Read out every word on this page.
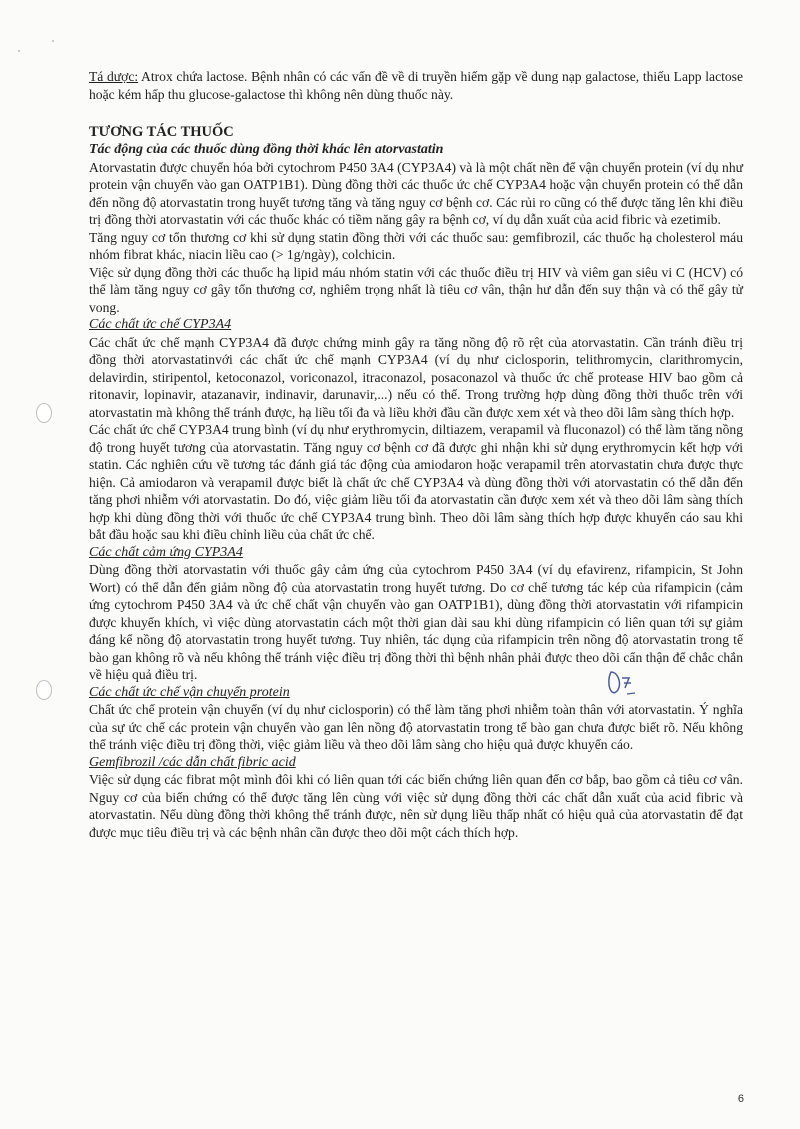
Tá dược: Atrox chứa lactose. Bệnh nhân có các vấn đề về di truyền hiếm gặp về dung nạp galactose, thiếu Lapp lactose hoặc kém hấp thu glucose-galactose thì không nên dùng thuốc này.

TƯƠNG TÁC THUỐC

Tác động của các thuốc dùng đồng thời khác lên atorvastatin

Atorvastatin được chuyển hóa bởi cytochrom P450 3A4 (CYP3A4) và là một chất nền để vận chuyển protein (ví dụ như protein vận chuyển vào gan OATP1B1). Dùng đồng thời các thuốc ức chế CYP3A4 hoặc vận chuyển protein có thể dẫn đến nồng độ atorvastatin trong huyết tương tăng và tăng nguy cơ bệnh cơ. Các rủi ro cũng có thể được tăng lên khi điều trị đồng thời atorvastatin với các thuốc khác có tiềm năng gây ra bệnh cơ, ví dụ dẫn xuất của acid fibric và ezetimib.

Tăng nguy cơ tổn thương cơ khi sử dụng statin đồng thời với các thuốc sau: gemfibrozil, các thuốc hạ cholesterol máu nhóm fibrat khác, niacin liều cao (> 1g/ngày), colchicin.

Việc sử dụng đồng thời các thuốc hạ lipid máu nhóm statin với các thuốc điều trị HIV và viêm gan siêu vi C (HCV) có thể làm tăng nguy cơ gây tổn thương cơ, nghiêm trọng nhất là tiêu cơ vân, thận hư dẫn đến suy thận và có thể gây tử vong.

Các chất ức chế CYP3A4

Các chất ức chế mạnh CYP3A4 đã được chứng minh gây ra tăng nồng độ rõ rệt của atorvastatin. Cần tránh điều trị đồng thời atorvastatinvới các chất ức chế mạnh CYP3A4 (ví dụ như ciclosporin, telithromycin, clarithromycin, delavirdin, stiripentol, ketoconazol, voriconazol, itraconazol, posaconazol và thuốc ức chế protease HIV bao gồm cả ritonavir, lopinavir, atazanavir, indinavir, darunavir,...) nếu có thể. Trong trường hợp dùng đồng thời thuốc trên với atorvastatin mà không thể tránh được, hạ liều tối đa và liều khởi đầu cần được xem xét và theo dõi lâm sàng thích hợp.

Các chất ức chế CYP3A4 trung bình (ví dụ như erythromycin, diltiazem, verapamil và fluconazol) có thể làm tăng nồng độ trong huyết tương của atorvastatin. Tăng nguy cơ bệnh cơ đã được ghi nhận khi sử dụng erythromycin kết hợp với statin. Các nghiên cứu về tương tác đánh giá tác động của amiodaron hoặc verapamil trên atorvastatin chưa được thực hiện. Cả amiodaron và verapamil được biết là chất ức chế CYP3A4 và dùng đồng thời với atorvastatin có thể dẫn đến tăng phơi nhiễm với atorvastatin. Do đó, việc giảm liều tối đa atorvastatin cần được xem xét và theo dõi lâm sàng thích hợp khi dùng đồng thời với thuốc ức chế CYP3A4 trung bình. Theo dõi lâm sàng thích hợp được khuyến cáo sau khi bắt đầu hoặc sau khi điều chỉnh liều của chất ức chế.

Các chất cảm ứng CYP3A4

Dùng đồng thời atorvastatin với thuốc gây cảm ứng của cytochrom P450 3A4 (ví dụ efavirenz, rifampicin, St John Wort) có thể dẫn đến giảm nồng độ của atorvastatin trong huyết tương. Do cơ chế tương tác kép của rifampicin (cảm ứng cytochrom P450 3A4 và ức chế chất vận chuyển vào gan OATP1B1), dùng đồng thời atorvastatin với rifampicin được khuyến khích, vì việc dùng atorvastatin cách một thời gian dài sau khi dùng rifampicin có liên quan tới sự giảm đáng kể nồng độ atorvastatin trong huyết tương. Tuy nhiên, tác dụng của rifampicin trên nồng độ atorvastatin trong tế bào gan không rõ và nếu không thể tránh việc điều trị đồng thời thì bệnh nhân phải được theo dõi cẩn thận để chắc chắn về hiệu quả điều trị.

Các chất ức chế vận chuyển protein

Chất ức chế protein vận chuyển (ví dụ như ciclosporin) có thể làm tăng phơi nhiễm toàn thân với atorvastatin. Ý nghĩa của sự ức chế các protein vận chuyển vào gan lên nồng độ atorvastatin trong tế bào gan chưa được biết rõ. Nếu không thể tránh việc điều trị đồng thời, việc giảm liều và theo dõi lâm sàng cho hiệu quả được khuyến cáo.

Gemfibrozil /các dẫn chất fibric acid

Việc sử dụng các fibrat một mình đôi khi có liên quan tới các biến chứng liên quan đến cơ bắp, bao gồm cả tiêu cơ vân. Nguy cơ của biến chứng có thể được tăng lên cùng với việc sử dụng đồng thời các chất dẫn xuất của acid fibric và atorvastatin. Nếu dùng đồng thời không thể tránh được, nên sử dụng liều thấp nhất có hiệu quả của atorvastatin để đạt được mục tiêu điều trị và các bệnh nhân cần được theo dõi một cách thích hợp.

6
